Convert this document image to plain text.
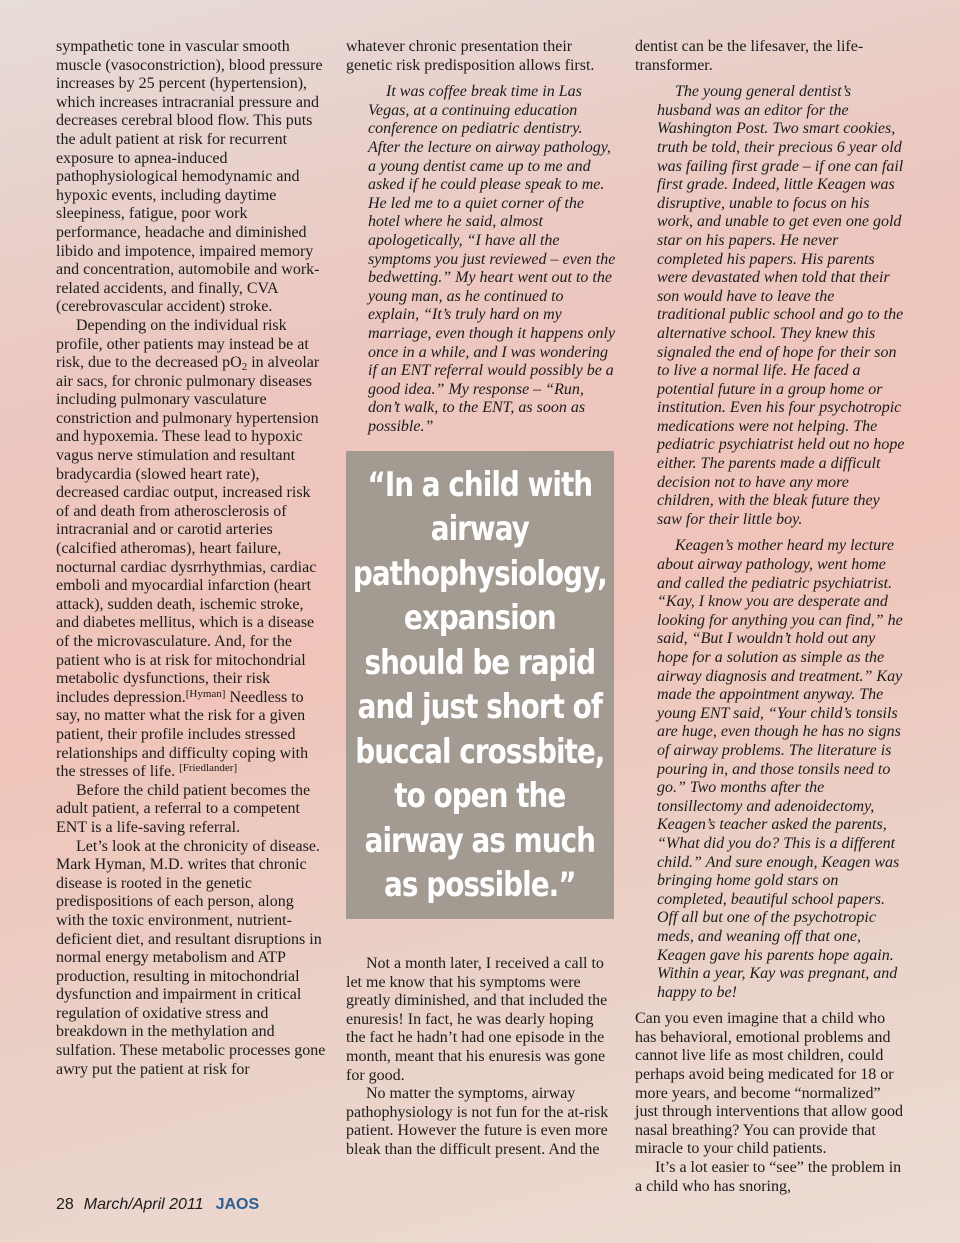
sympathetic tone in vascular smooth muscle (vasoconstriction), blood pressure increases by 25 percent (hypertension), which increases intracranial pressure and decreases cerebral blood flow. This puts the adult patient at risk for recurrent exposure to apnea-induced pathophysiological hemodynamic and hypoxic events, including daytime sleepiness, fatigue, poor work performance, headache and diminished libido and impotence, impaired memory and concentration, automobile and work-related accidents, and finally, CVA (cerebrovascular accident) stroke.

Depending on the individual risk profile, other patients may instead be at risk, due to the decreased $pO_2$ in alveolar air sacs, for chronic pulmonary diseases including pulmonary vasculature constriction and pulmonary hypertension and hypoxemia. These lead to hypoxic vagus nerve stimulation and resultant bradycardia (slowed heart rate), decreased cardiac output, increased risk of and death from atherosclerosis of intracranial and or carotid arteries (calcified atheromas), heart failure, nocturnal cardiac dysrrhythmias, cardiac emboli and myocardial infarction (heart attack), sudden death, ischemic stroke, and diabetes mellitus, which is a disease of the microvasculature. And, for the patient who is at risk for mitochondrial metabolic dysfunctions, their risk includes depression.[Hyman] Needless to say, no matter what the risk for a given patient, their profile includes stressed relationships and difficulty coping with the stresses of life. [Friedlander]

Before the child patient becomes the adult patient, a referral to a competent ENT is a life-saving referral.

Let’s look at the chronicity of disease. Mark Hyman, M.D. writes that chronic disease is rooted in the genetic predispositions of each person, along with the toxic environment, nutrient-deficient diet, and resultant disruptions in normal energy metabolism and ATP production, resulting in mitochondrial dysfunction and impairment in critical regulation of oxidative stress and breakdown in the methylation and sulfation. These metabolic processes gone awry put the patient at risk for

whatever chronic presentation their genetic risk predisposition allows first.

It was coffee break time in Las Vegas, at a continuing education conference on pediatric dentistry. After the lecture on airway pathology, a young dentist came up to me and asked if he could please speak to me. He led me to a quiet corner of the hotel where he said, almost apologetically, “I have all the symptoms you just reviewed – even the bedwetting.” My heart went out to the young man, as he continued to explain, “It’s truly hard on my marriage, even though it happens only once in a while, and I was wondering if an ENT referral would possibly be a good idea.” My response – “Run, don’t walk, to the ENT, as soon as possible.”

“In a child with airway pathophysiology, expansion should be rapid and just short of buccal crossbite, to open the airway as much as possible.”

Not a month later, I received a call to let me know that his symptoms were greatly diminished, and that included the enuresis! In fact, he was dearly hoping the fact he hadn’t had one episode in the month, meant that his enuresis was gone for good.

No matter the symptoms, airway pathophysiology is not fun for the at-risk patient. However the future is even more bleak than the difficult present. And the

dentist can be the lifesaver, the life-transformer.

The young general dentist’s husband was an editor for the Washington Post. Two smart cookies, truth be told, their precious 6 year old was failing first grade – if one can fail first grade. Indeed, little Keagen was disruptive, unable to focus on his work, and unable to get even one gold star on his papers. He never completed his papers. His parents were devastated when told that their son would have to leave the traditional public school and go to the alternative school. They knew this signaled the end of hope for their son to live a normal life. He faced a potential future in a group home or institution. Even his four psychotropic medications were not helping. The pediatric psychiatrist held out no hope either. The parents made a difficult decision not to have any more children, with the bleak future they saw for their little boy.

Keagen’s mother heard my lecture about airway pathology, went home and called the pediatric psychiatrist. “Kay, I know you are desperate and looking for anything you can find,” he said, “But I wouldn’t hold out any hope for a solution as simple as the airway diagnosis and treatment.” Kay made the appointment anyway. The young ENT said, “Your child’s tonsils are huge, even though he has no signs of airway problems. The literature is pouring in, and those tonsils need to go.” Two months after the tonsillectomy and adenoidectomy, Keagen’s teacher asked the parents, “What did you do? This is a different child.” And sure enough, Keagen was bringing home gold stars on completed, beautiful school papers. Off all but one of the psychotropic meds, and weaning off that one, Keagen gave his parents hope again. Within a year, Kay was pregnant, and happy to be!

Can you even imagine that a child who has behavioral, emotional problems and cannot live life as most children, could perhaps avoid being medicated for 18 or more years, and become “normalized” just through interventions that allow good nasal breathing? You can provide that miracle to your child patients.

It’s a lot easier to “see” the problem in a child who has snoring,

28 March/April 2011 JAOS
